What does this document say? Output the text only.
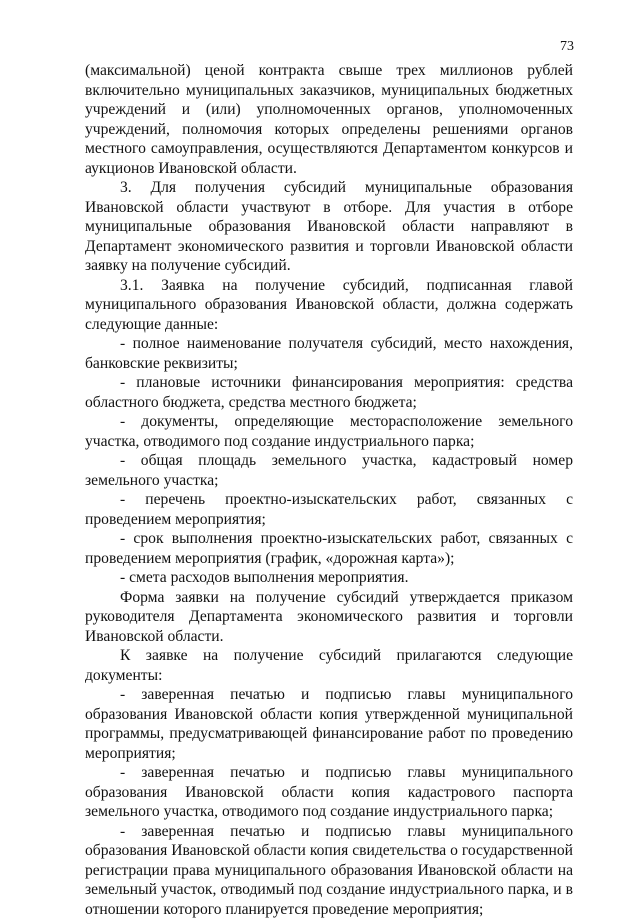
73

(максимальной) ценой контракта свыше трех миллионов рублей включительно муниципальных заказчиков, муниципальных бюджетных учреждений и (или) уполномоченных органов, уполномоченных учреждений, полномочия которых определены решениями органов местного самоуправления, осуществляются Департаментом конкурсов и аукционов Ивановской области.

3. Для получения субсидий муниципальные образования Ивановской области участвуют в отборе. Для участия в отборе муниципальные образования Ивановской области направляют в Департамент экономического развития и торговли Ивановской области заявку на получение субсидий.

3.1. Заявка на получение субсидий, подписанная главой муниципального образования Ивановской области, должна содержать следующие данные:

- полное наименование получателя субсидий, место нахождения, банковские реквизиты;

- плановые источники финансирования мероприятия: средства областного бюджета, средства местного бюджета;

- документы, определяющие месторасположение земельного участка, отводимого под создание индустриального парка;

- общая площадь земельного участка, кадастровый номер земельного участка;

- перечень проектно-изыскательских работ, связанных с проведением мероприятия;

- срок выполнения проектно-изыскательских работ, связанных с проведением мероприятия (график, «дорожная карта»);

- смета расходов выполнения мероприятия.

Форма заявки на получение субсидий утверждается приказом руководителя Департамента экономического развития и торговли Ивановской области.

К заявке на получение субсидий прилагаются следующие документы:

- заверенная печатью и подписью главы муниципального образования Ивановской области копия утвержденной муниципальной программы, предусматривающей финансирование работ по проведению мероприятия;

- заверенная печатью и подписью главы муниципального образования Ивановской области копия кадастрового паспорта земельного участка, отводимого под создание индустриального парка;

- заверенная печатью и подписью главы муниципального образования Ивановской области копия свидетельства о государственной регистрации права муниципального образования Ивановской области на земельный участок, отводимый под создание индустриального парка, и в отношении которого планируется проведение мероприятия;
